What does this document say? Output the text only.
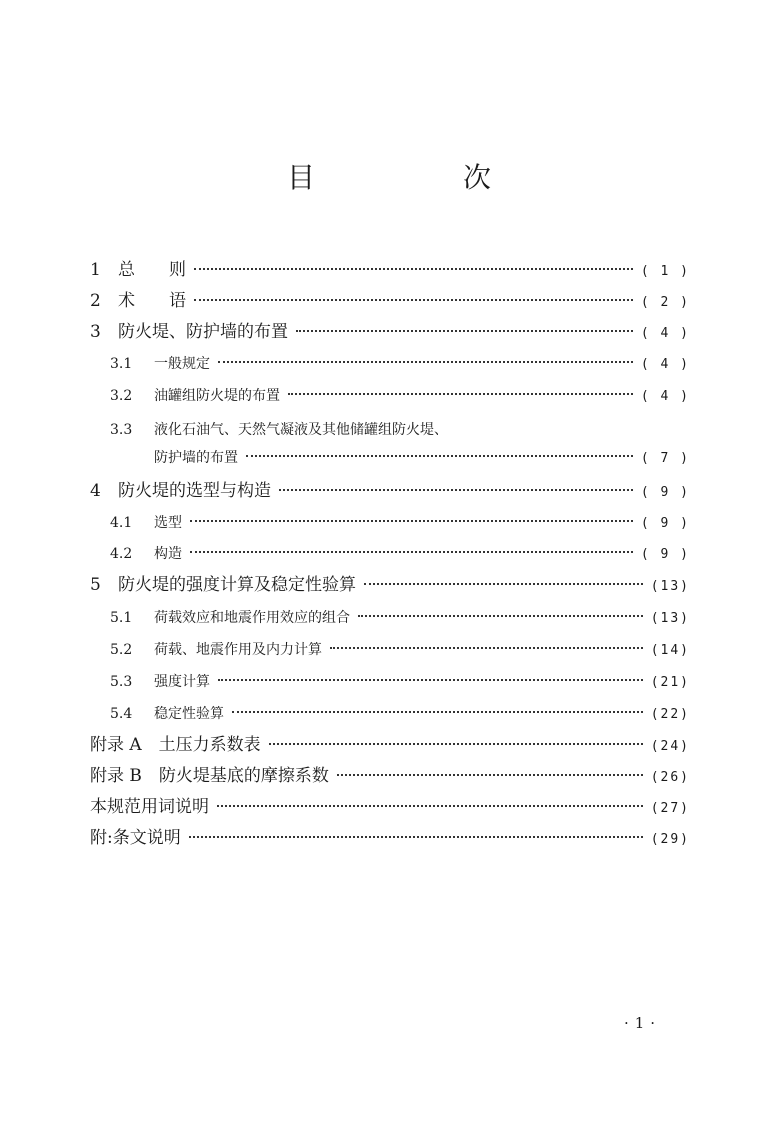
目　次
1	总 则	( 1 )
2	术 语	( 2 )
3	防火堤、防护墙的布置	( 4 )
3.1	一般规定	( 4 )
3.2	油罐组防火堤的布置	( 4 )
3.3	液化石油气、天然气凝液及其他储罐组防火堤、
防护墙的布置	( 7 )
4	防火堤的选型与构造	( 9 )
4.1	选型	( 9 )
4.2	构造	( 9 )
5	防火堤的强度计算及稳定性验算	(13)
5.1	荷载效应和地震作用效应的组合	(13)
5.2	荷载、地震作用及内力计算	(14)
5.3	强度计算	(21)
5.4	稳定性验算	(22)
附录 A　土压力系数表	(24)
附录 B　防火堤基底的摩擦系数	(26)
本规范用词说明	(27)
附:条文说明	(29)
·1·
